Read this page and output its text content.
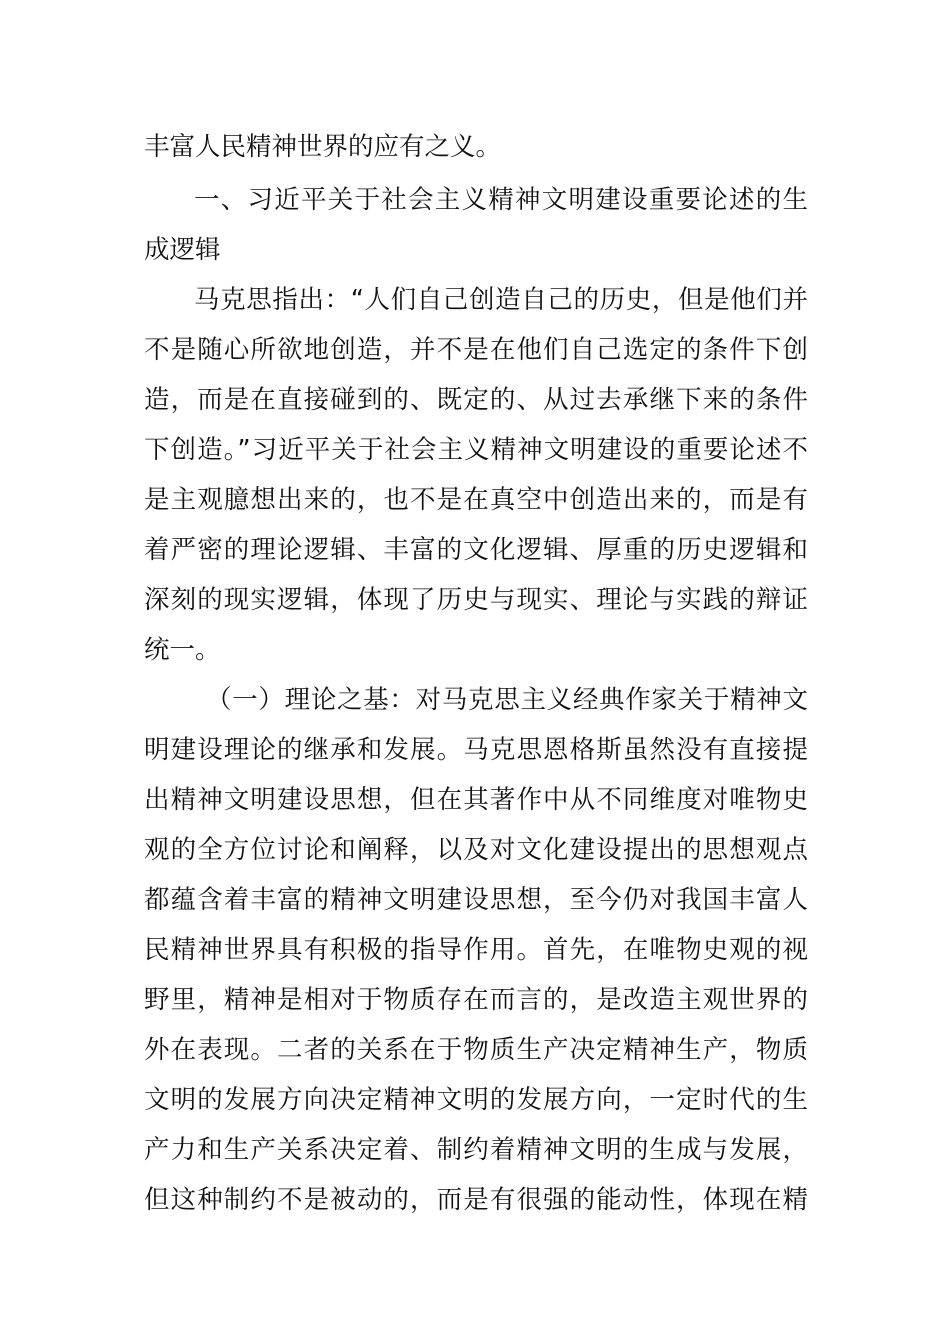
丰富人民精神世界的应有之义。
一、习近平关于社会主义精神文明建设重要论述的生
成逻辑
马克思指出：“人们自己创造自己的历史，但是他们并
不是随心所欲地创造，并不是在他们自己选定的条件下创
造，而是在直接碰到的、既定的、从过去承继下来的条件
下创造。”习近平关于社会主义精神文明建设的重要论述不
是主观臆想出来的，也不是在真空中创造出来的，而是有
着严密的理论逻辑、丰富的文化逻辑、厚重的历史逻辑和
深刻的现实逻辑，体现了历史与现实、理论与实践的辩证
统一。
（一）理论之基：对马克思主义经典作家关于精神文
明建设理论的继承和发展。马克思恩格斯虽然没有直接提
出精神文明建设思想，但在其著作中从不同维度对唯物史
观的全方位讨论和阐释，以及对文化建设提出的思想观点
都蕴含着丰富的精神文明建设思想，至今仍对我国丰富人
民精神世界具有积极的指导作用。首先，在唯物史观的视
野里，精神是相对于物质存在而言的，是改造主观世界的
外在表现。二者的关系在于物质生产决定精神生产，物质
文明的发展方向决定精神文明的发展方向，一定时代的生
产力和生产关系决定着、制约着精神文明的生成与发展，
但这种制约不是被动的，而是有很强的能动性，体现在精
